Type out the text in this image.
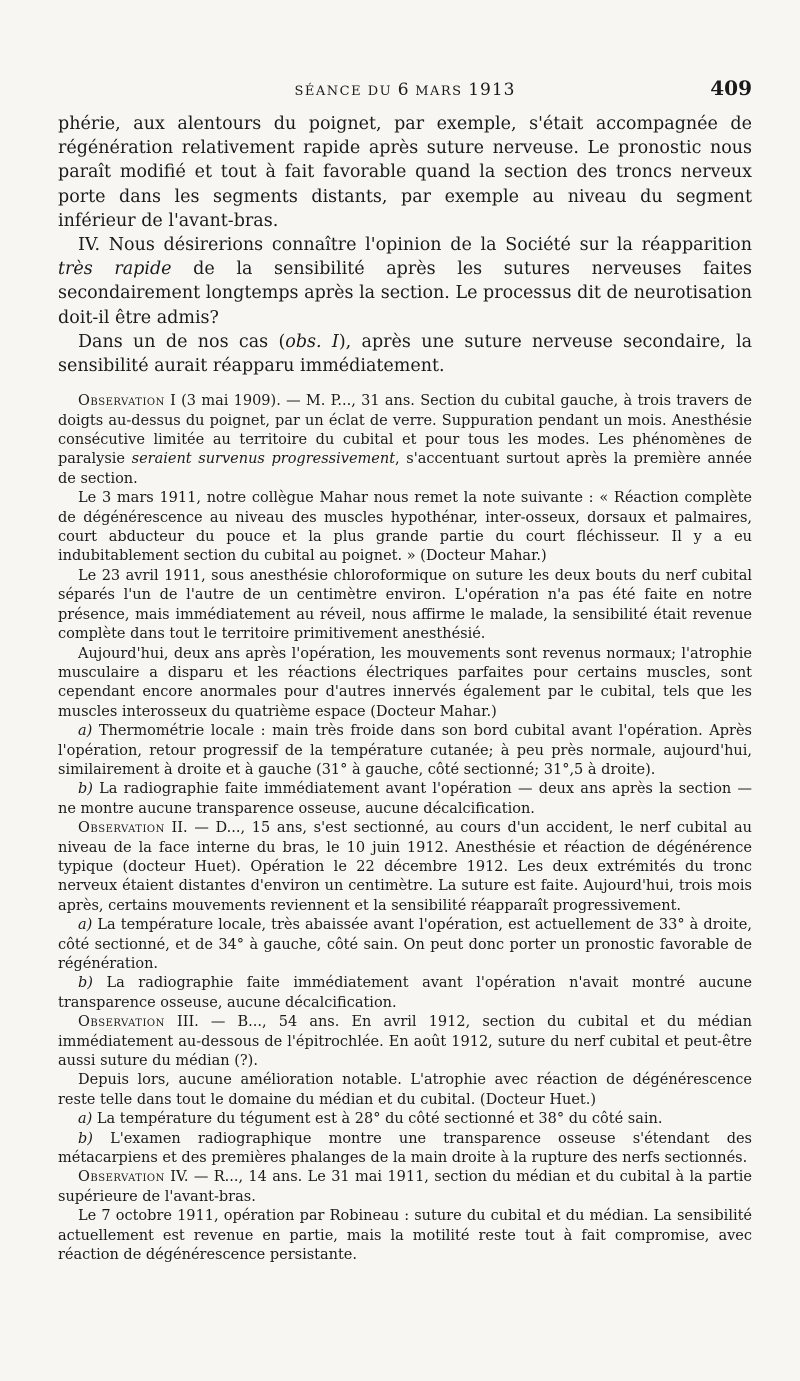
SÉANCE DU 6 MARS 1913	409

phérie, aux alentours du poignet, par exemple, s'était accompagnée de régénération relativement rapide après suture nerveuse. Le pronostic nous paraît modifié et tout à fait favorable quand la section des troncs nerveux porte dans les segments distants, par exemple au niveau du segment inférieur de l'avant-bras.

IV. Nous désirerions connaître l'opinion de la Société sur la réapparition très rapide de la sensibilité après les sutures nerveuses faites secondairement longtemps après la section. Le processus dit de neurotisation doit-il être admis?

Dans un de nos cas (obs. I), après une suture nerveuse secondaire, la sensibilité aurait réapparu immédiatement.

Observation I (3 mai 1909). — M. P..., 31 ans. Section du cubital gauche, à trois travers de doigts au-dessus du poignet, par un éclat de verre. Suppuration pendant un mois. Anesthésie consécutive limitée au territoire du cubital et pour tous les modes. Les phénomènes de paralysie seraient survenus progressivement, s'accentuant surtout après la première année de section.

Le 3 mars 1911, notre collègue Mahar nous remet la note suivante : « Réaction complète de dégénérescence au niveau des muscles hypothénar, inter-osseux, dorsaux et palmaires, court abducteur du pouce et la plus grande partie du court fléchisseur. Il y a eu indubitablement section du cubital au poignet. » (Docteur Mahar.)

Le 23 avril 1911, sous anesthésie chloroformique on suture les deux bouts du nerf cubital séparés l'un de l'autre de un centimètre environ. L'opération n'a pas été faite en notre présence, mais immédiatement au réveil, nous affirme le malade, la sensibilité était revenue complète dans tout le territoire primitivement anesthésié.

Aujourd'hui, deux ans après l'opération, les mouvements sont revenus normaux; l'atrophie musculaire a disparu et les réactions électriques parfaites pour certains muscles, sont cependant encore anormales pour d'autres innervés également par le cubital, tels que les muscles interosseux du quatrième espace (Docteur Mahar.)

a) Thermométrie locale : main très froide dans son bord cubital avant l'opération. Après l'opération, retour progressif de la température cutanée; à peu près normale, aujourd'hui, similairement à droite et à gauche (31° à gauche, côté sectionné; 31°,5 à droite).

b) La radiographie faite immédiatement avant l'opération — deux ans après la section — ne montre aucune transparence osseuse, aucune décalcification.

Observation II. — D..., 15 ans, s'est sectionné, au cours d'un accident, le nerf cubital au niveau de la face interne du bras, le 10 juin 1912. Anesthésie et réaction de dégénérence typique (docteur Huet). Opération le 22 décembre 1912. Les deux extrémités du tronc nerveux étaient distantes d'environ un centimètre. La suture est faite. Aujourd'hui, trois mois après, certains mouvements reviennent et la sensibilité réapparaît progressivement.

a) La température locale, très abaissée avant l'opération, est actuellement de 33° à droite, côté sectionné, et de 34° à gauche, côté sain. On peut donc porter un pronostic favorable de régénération.

b) La radiographie faite immédiatement avant l'opération n'avait montré aucune transparence osseuse, aucune décalcification.

Observation III. — B..., 54 ans. En avril 1912, section du cubital et du médian immédiatement au-dessous de l'épitrochlée. En août 1912, suture du nerf cubital et peut-être aussi suture du médian (?).

Depuis lors, aucune amélioration notable. L'atrophie avec réaction de dégénérescence reste telle dans tout le domaine du médian et du cubital. (Docteur Huet.)

a) La température du tégument est à 28° du côté sectionné et 38° du côté sain.

b) L'examen radiographique montre une transparence osseuse s'étendant des métacarpiens et des premières phalanges de la main droite à la rupture des nerfs sectionnés.

Observation IV. — R..., 14 ans. Le 31 mai 1911, section du médian et du cubital à la partie supérieure de l'avant-bras.

Le 7 octobre 1911, opération par Robineau : suture du cubital et du médian. La sensibilité actuellement est revenue en partie, mais la motilité reste tout à fait compromise, avec réaction de dégénérescence persistante.
